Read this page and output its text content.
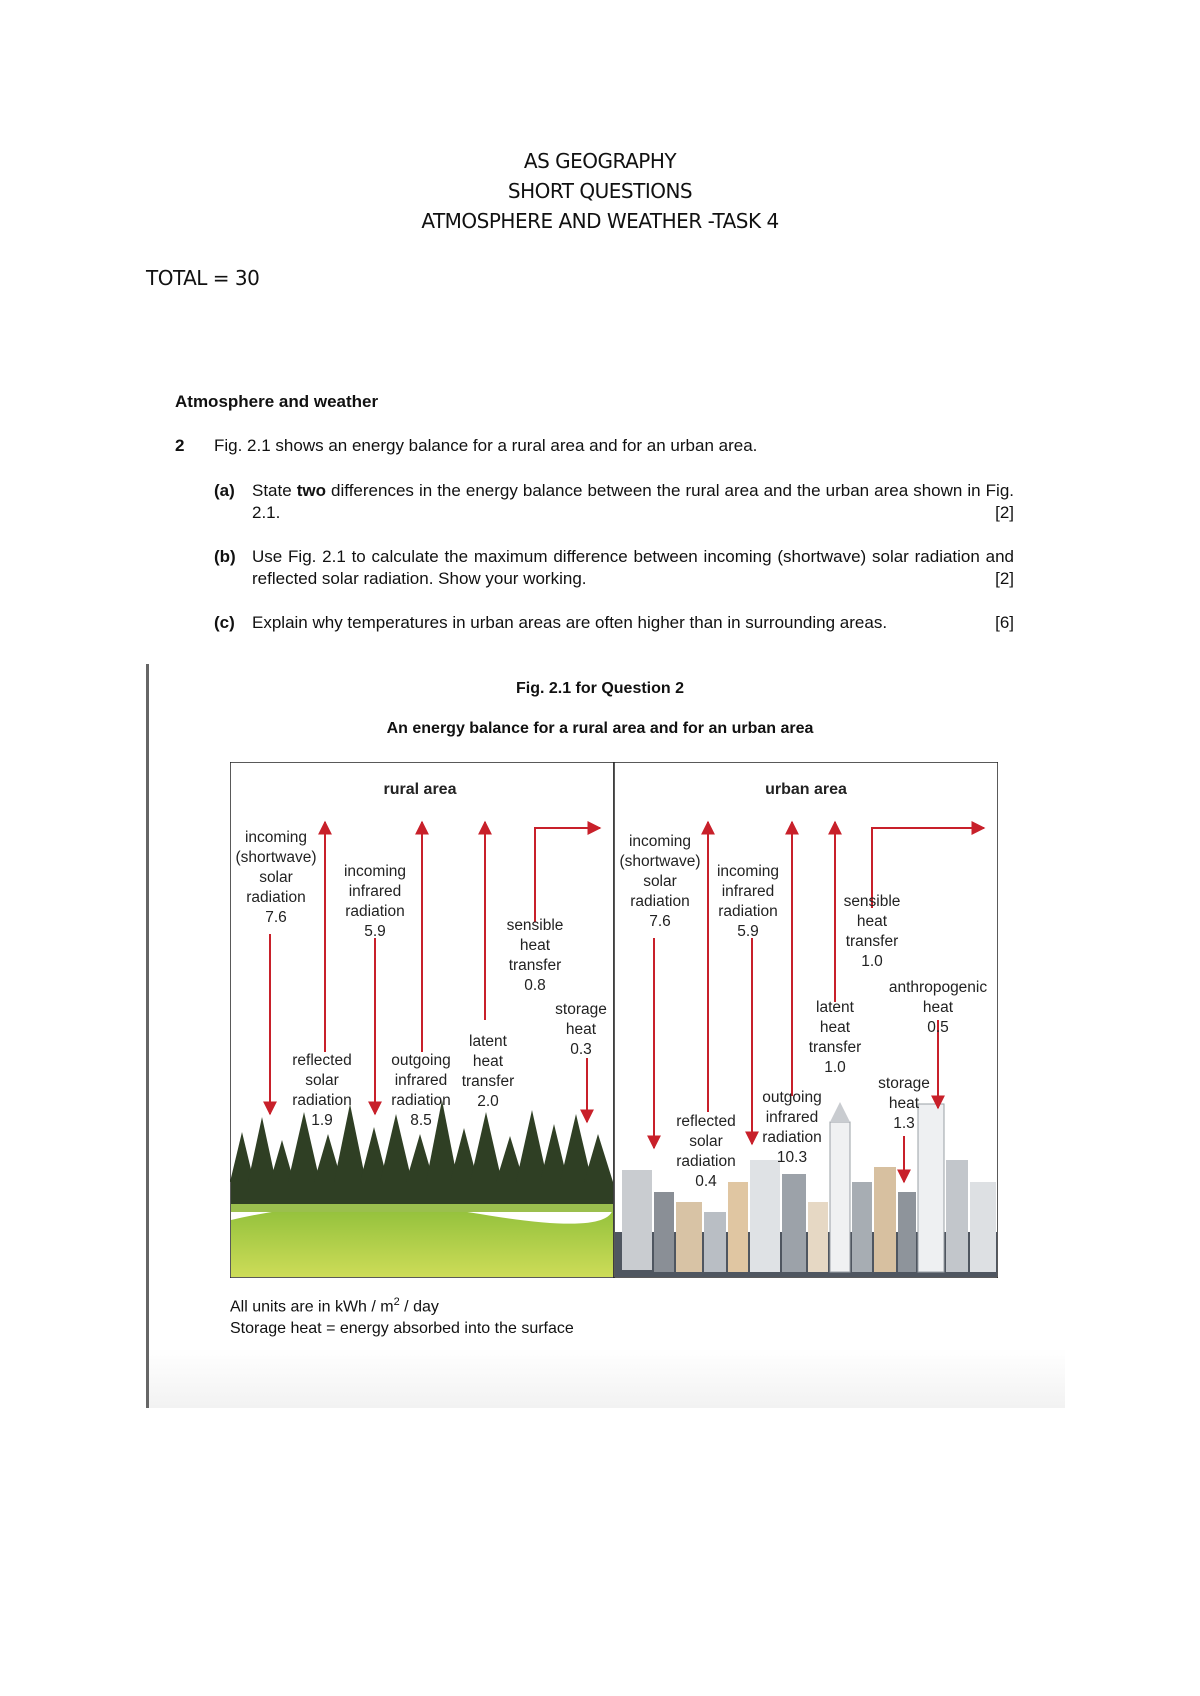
AS GEOGRAPHY
SHORT QUESTIONS
ATMOSPHERE AND WEATHER -TASK 4
TOTAL = 30
Atmosphere and weather
2 Fig. 2.1 shows an energy balance for a rural area and for an urban area.
(a) State two differences in the energy balance between the rural area and the urban area shown in Fig. 2.1.	[2]
(b) Use Fig. 2.1 to calculate the maximum difference between incoming (shortwave) solar radiation and reflected solar radiation. Show your working.	[2]
(c) Explain why temperatures in urban areas are often higher than in surrounding areas.	[6]
Fig. 2.1 for Question 2
An energy balance for a rural area and for an urban area
rural area	urban area
incoming
(shortwave)
solar
radiation
7.6
incoming
infrared
radiation
5.9	sensible
heat
transfer
0.8
storage
heat
0.3
latent
heat
transfer
2.0
reflected
solar
radiation
1.9
outgoing
infrared
radiation
8.5
incoming
(shortwave)
solar
radiation
7.6
incoming
infrared
radiation
5.9
sensible
heat
transfer
1.0
anthropogenic
heat
0.5
latent
heat
transfer
1.0
storage
heat
1.3
outgoing
infrared
radiation
10.3
reflected
solar
radiation
0.4
All units are in kWh / $m^2$ / day
Storage heat = energy absorbed into the surface
